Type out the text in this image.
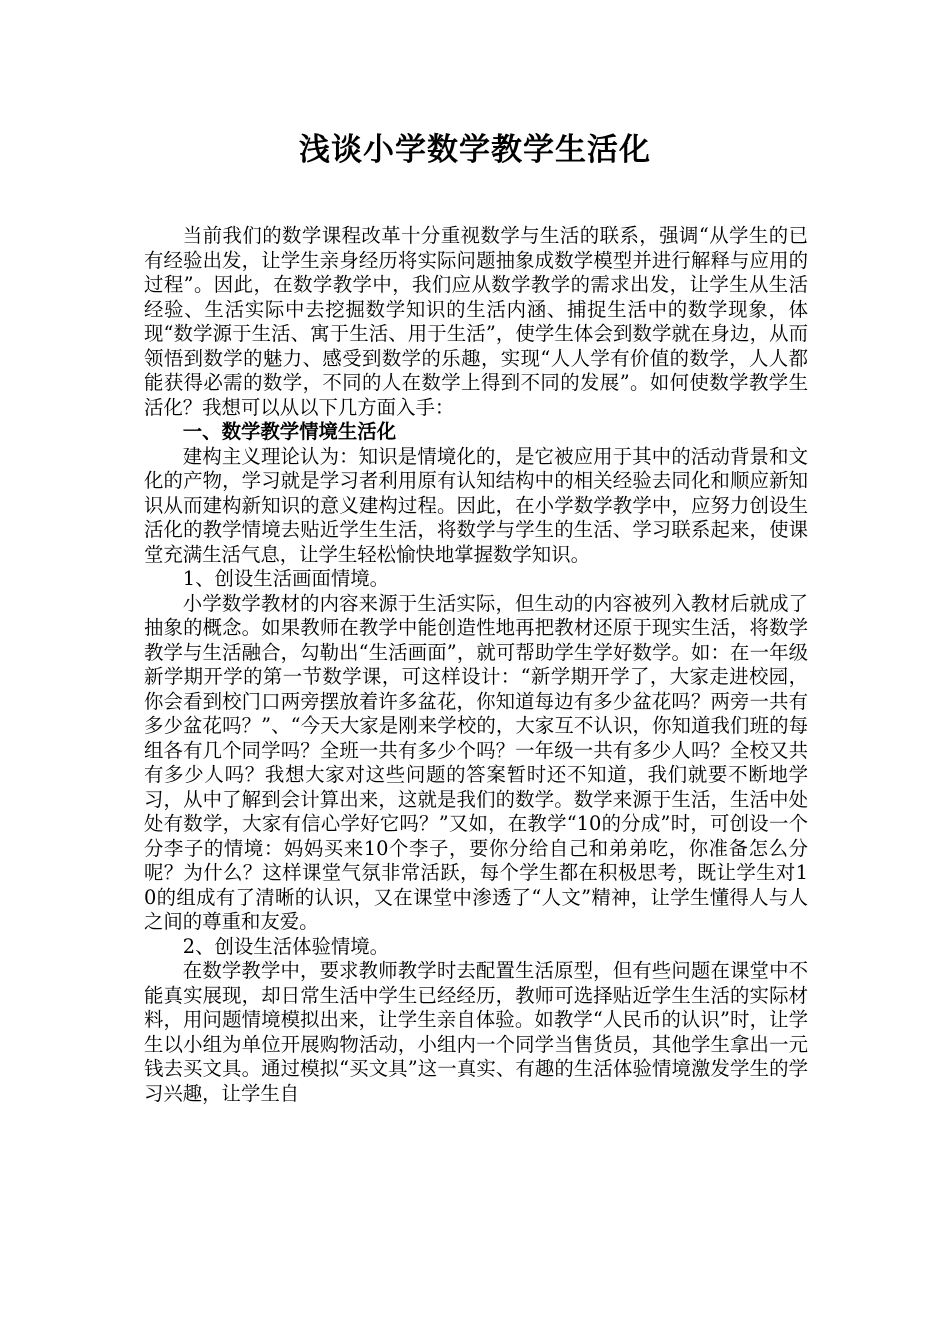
浅谈小学数学教学生活化

当前我们的数学课程改革十分重视数学与生活的联系，强调“从学生的已有经验出发，让学生亲身经历将实际问题抽象成数学模型并进行解释与应用的过程”。因此，在数学教学中，我们应从数学教学的需求出发，让学生从生活经验、生活实际中去挖掘数学知识的生活内涵、捕捉生活中的数学现象，体现“数学源于生活、寓于生活、用于生活”，使学生体会到数学就在身边，从而领悟到数学的魅力、感受到数学的乐趣，实现“人人学有价值的数学，人人都能获得必需的数学，不同的人在数学上得到不同的发展”。如何使数学教学生活化？我想可以从以下几方面入手：

一、数学教学情境生活化

建构主义理论认为：知识是情境化的，是它被应用于其中的活动背景和文化的产物，学习就是学习者利用原有认知结构中的相关经验去同化和顺应新知识从而建构新知识的意义建构过程。因此，在小学数学教学中，应努力创设生活化的教学情境去贴近学生生活，将数学与学生的生活、学习联系起来，使课堂充满生活气息，让学生轻松愉快地掌握数学知识。

1、创设生活画面情境。

小学数学教材的内容来源于生活实际，但生动的内容被列入教材后就成了抽象的概念。如果教师在教学中能创造性地再把教材还原于现实生活，将数学教学与生活融合，勾勒出“生活画面”，就可帮助学生学好数学。如：在一年级新学期开学的第一节数学课，可这样设计：“新学期开学了，大家走进校园，你会看到校门口两旁摆放着许多盆花，你知道每边有多少盆花吗？两旁一共有多少盆花吗？”、“今天大家是刚来学校的，大家互不认识，你知道我们班的每组各有几个同学吗？全班一共有多少个吗？一年级一共有多少人吗？全校又共有多少人吗？我想大家对这些问题的答案暂时还不知道，我们就要不断地学习，从中了解到会计算出来，这就是我们的数学。数学来源于生活，生活中处处有数学，大家有信心学好它吗？”又如，在教学“10的分成”时，可创设一个分李子的情境：妈妈买来10个李子，要你分给自己和弟弟吃，你准备怎么分呢？为什么？这样课堂气氛非常活跃，每个学生都在积极思考，既让学生对10的组成有了清晰的认识，又在课堂中渗透了“人文”精神，让学生懂得人与人之间的尊重和友爱。

2、创设生活体验情境。

在数学教学中，要求教师教学时去配置生活原型，但有些问题在课堂中不能真实展现，却日常生活中学生已经经历，教师可选择贴近学生生活的实际材料，用问题情境模拟出来，让学生亲自体验。如教学“人民币的认识”时，让学生以小组为单位开展购物活动，小组内一个同学当售货员，其他学生拿出一元钱去买文具。通过模拟“买文具”这一真实、有趣的生活体验情境激发学生的学习兴趣，让学生自
